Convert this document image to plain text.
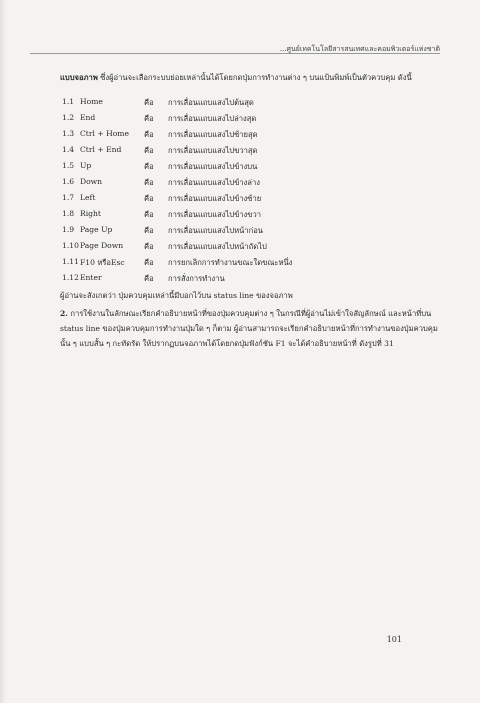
...ศูนย์เทคโนโลยีสารสนเทศและคอมพิวเตอร์แห่งชาติ
แบบจอภาพ ซึ่งผู้อ่านจะเลือกระบบย่อยเหล่านั้นได้โดยกดปุ่มการทำงานต่าง ๆ บนแป้นพิมพ์เป็นตัวควบคุม ดังนี้
1.1 Home	คือ การเลื่อนแถบแสงไปต้นสุด
1.2 End	คือ การเลื่อนแถบแสงไปล่างสุด
1.3 Ctrl + Home คือ การเลื่อนแถบแสงไปซ้ายสุด
1.4 Ctrl + End	คือ การเลื่อนแถบแสงไปขวาสุด
1.5 Up	คือ การเลื่อนแถบแสงไปข้างบน
1.6 Down	คือ การเลื่อนแถบแสงไปข้างล่าง
1.7 Left	คือ การเลื่อนแถบแสงไปข้างซ้าย
1.8 Right	คือ การเลื่อนแถบแสงไปข้างขวา
1.9 Page Up	คือ การเลื่อนแถบแสงไปหน้าก่อน
1.10 Page Down	คือ การเลื่อนแถบแสงไปหน้าถัดไป
1.11 F10 หรือEsc	คือ การยกเลิกการทำงานขณะใดขณะหนึ่ง
1.12 Enter	คือ การสั่งการทำงาน
ผู้อ่านจะสังเกตว่า ปุ่มควบคุมเหล่านี้มีบอกไว้บน status line ของจอภาพ
2. การใช้งานในลักษณะเรียกคำอธิบายหน้าที่ของปุ่มควบคุมต่าง ๆ ในกรณีที่ผู้อ่านไม่เข้าใจสัญลักษณ์ และหน้าที่บน status line ของปุ่มควบคุมการทำงานปุ่มใด ๆ ก็ตาม ผู้อ่านสามารถจะเรียกคำอธิบายหน้าที่การทำงานของปุ่มควบคุมนั้น ๆ แบบสั้น ๆ กะทัดรัด ให้ปรากฏบนจอภาพได้โดยกดปุ่มฟังก์ชัน F1 จะได้คำอธิบายหน้าที่ ดังรูปที่ 31
101
